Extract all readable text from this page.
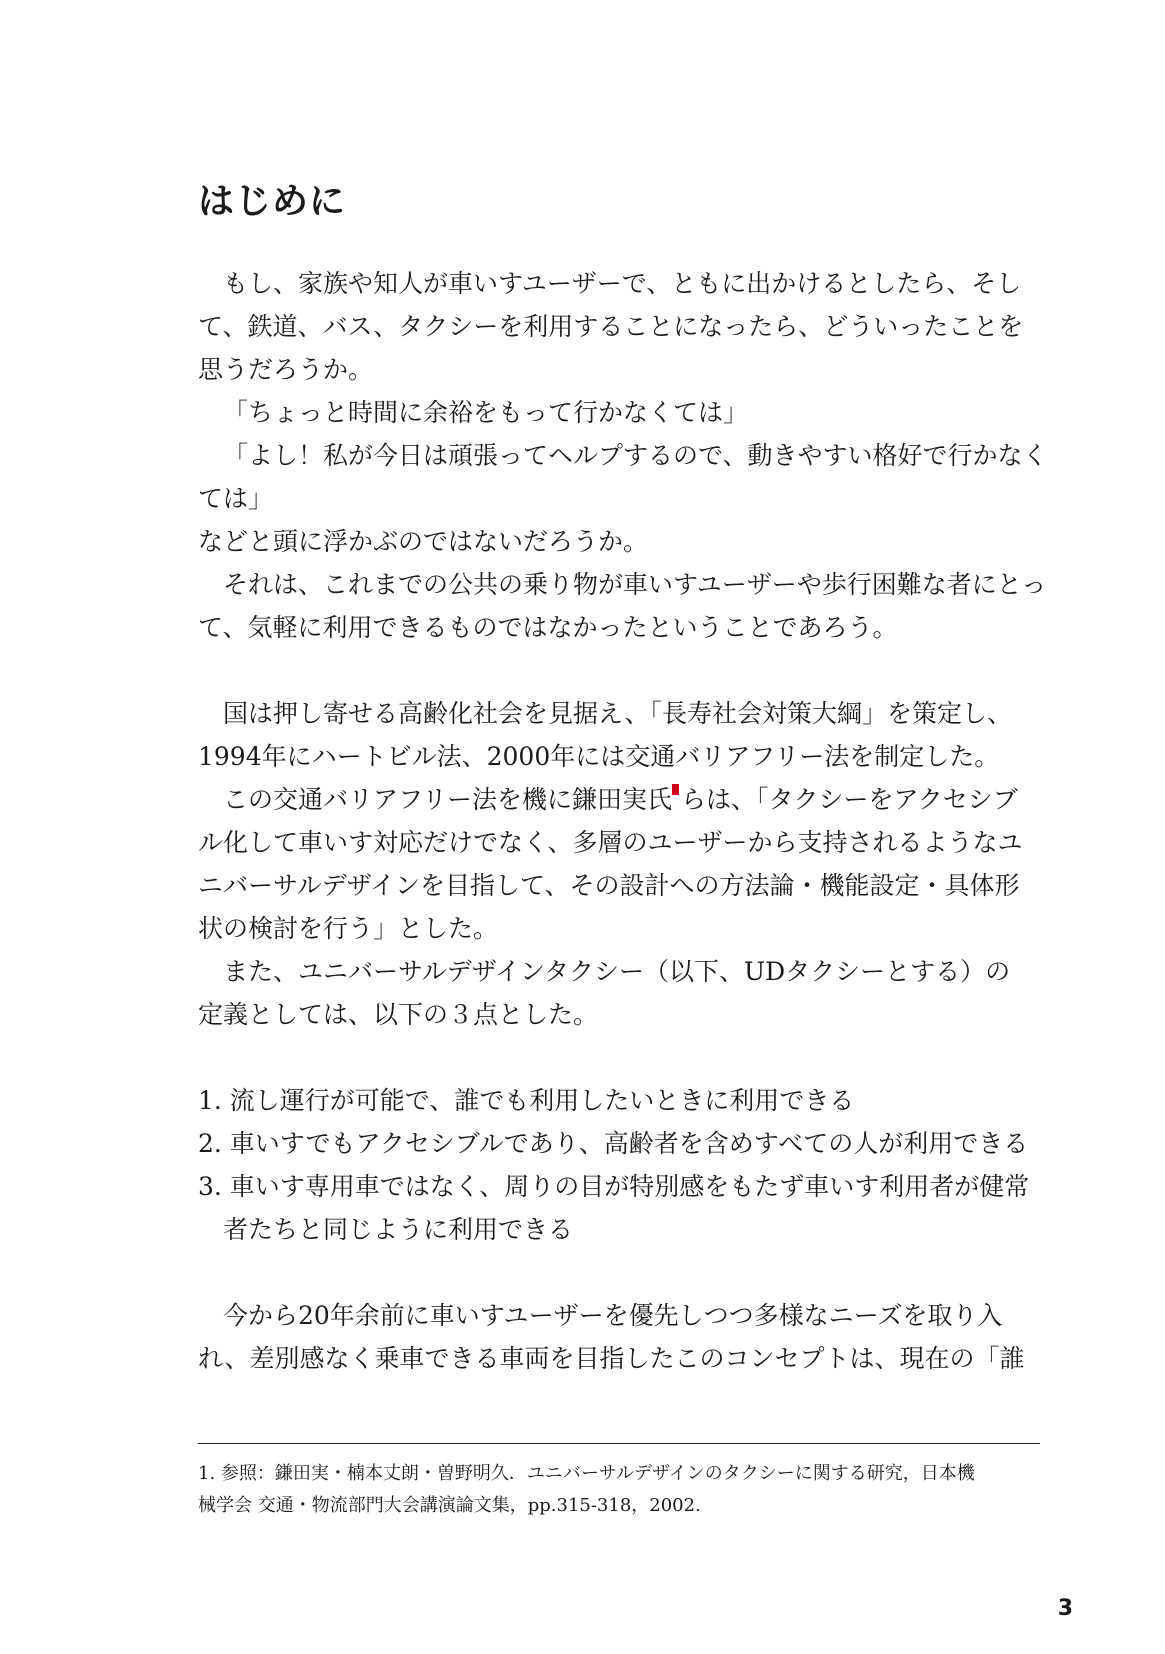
はじめに

もし、家族や知人が車いすユーザーで、ともに出かけるとしたら、そし

て、鉄道、バス、タクシーを利用することになったら、どういったことを

思うだろうか。

「ちょっと時間に余裕をもって行かなくては」

「よし！私が今日は頑張ってヘルプするので、動きやすい格好で行かなく

ては」

などと頭に浮かぶのではないだろうか。

それは、これまでの公共の乗り物が車いすユーザーや歩行困難な者にとっ

て、気軽に利用できるものではなかったということであろう。

国は押し寄せる高齢化社会を見据え、「長寿社会対策大綱」を策定し、

1994年にハートビル法、2000年には交通バリアフリー法を制定した。

この交通バリアフリー法を機に鎌田実氏 らは、「タクシーをアクセシブ

ル化して車いす対応だけでなく、多層のユーザーから支持されるようなユ

ニバーサルデザインを目指して、その設計への方法論・機能設定・具体形

状の検討を行う」とした。

また、ユニバーサルデザインタクシー（以下、UDタクシーとする）の

定義としては、以下の３点とした。

1. 流し運行が可能で、誰でも利用したいときに利用できる

2. 車いすでもアクセシブルであり、高齢者を含めすべての人が利用できる

3. 車いす専用車ではなく、周りの目が特別感をもたず車いす利用者が健常

者たちと同じように利用できる

今から20年余前に車いすユーザーを優先しつつ多様なニーズを取り入

れ、差別感なく乗車できる車両を目指したこのコンセプトは、現在の「誰

1. 参照：鎌田実・楠本丈朗・曽野明久．ユニバーサルデザインのタクシーに関する研究，日本機

械学会 交通・物流部門大会講演論文集，pp.315-318，2002.

3
